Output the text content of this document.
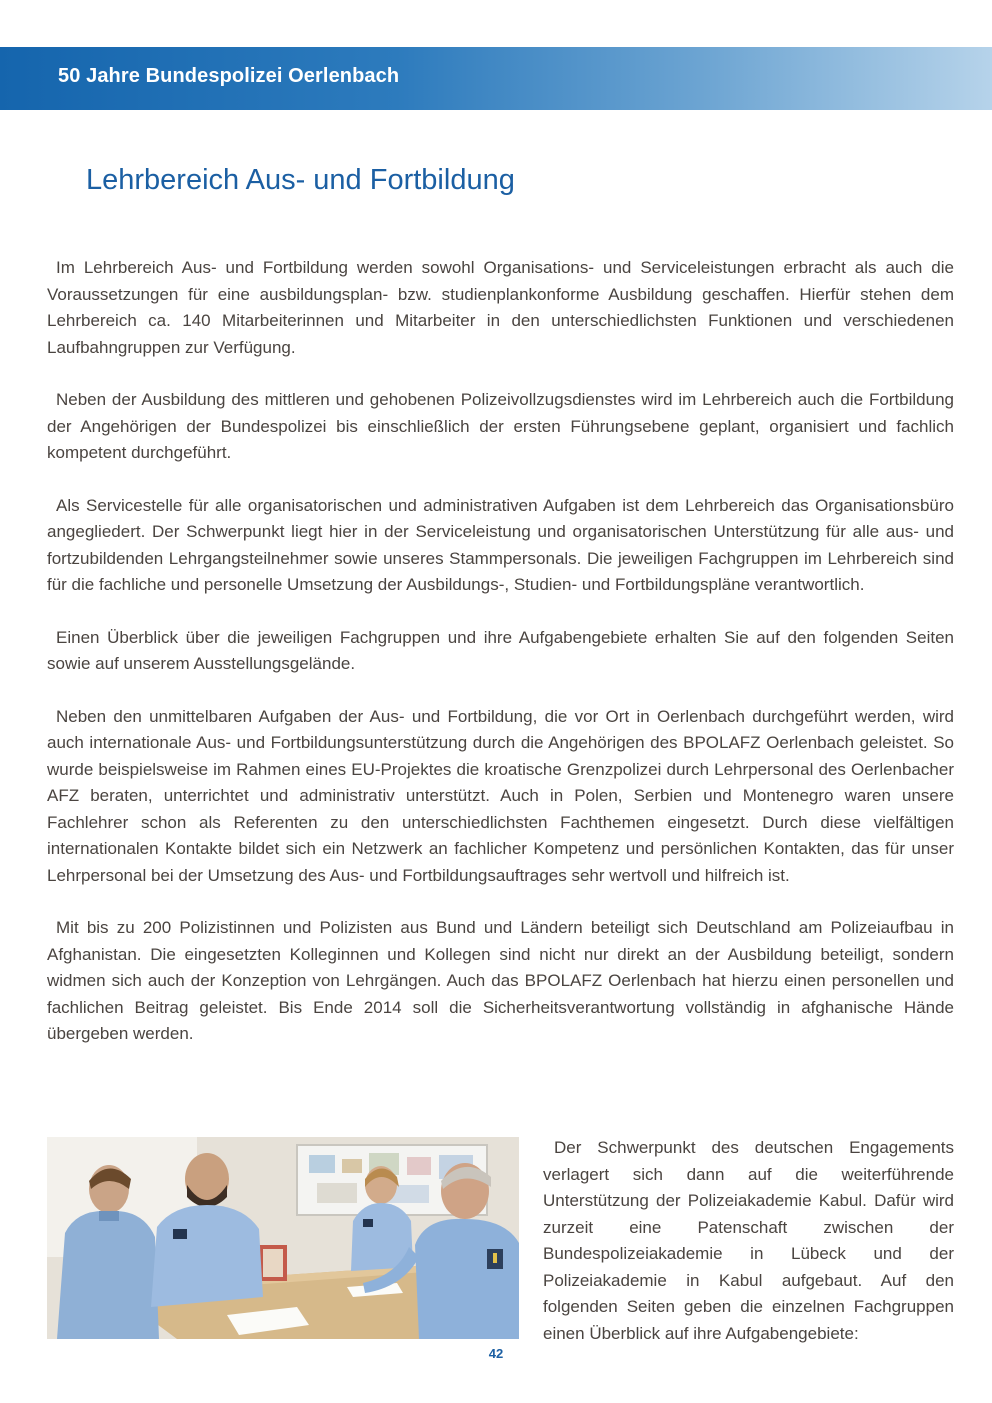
50 Jahre Bundespolizei Oerlenbach
Lehrbereich Aus- und Fortbildung

Im Lehrbereich Aus- und Fortbildung werden sowohl Organisations- und Serviceleistungen erbracht als auch die Voraussetzungen für eine ausbildungsplan- bzw. studienplankonforme Ausbildung geschaffen. Hierfür stehen dem Lehrbereich ca. 140 Mitarbeiterinnen und Mitarbeiter in den unterschiedlichsten Funktionen und verschiedenen Laufbahngruppen zur Verfügung.

Neben der Ausbildung des mittleren und gehobenen Polizeivollzugsdienstes wird im Lehrbereich auch die Fortbildung der Angehörigen der Bundespolizei bis einschließlich der ersten Führungsebene geplant, organisiert und fachlich kompetent durchgeführt.

Als Servicestelle für alle organisatorischen und administrativen Aufgaben ist dem Lehrbereich das Organisationsbüro angegliedert. Der Schwerpunkt liegt hier in der Serviceleistung und organisatorischen Unterstützung für alle aus- und fortzubildenden Lehrgangsteilnehmer sowie unseres Stammpersonals. Die jeweiligen Fachgruppen im Lehrbereich sind für die fachliche und personelle Umsetzung der Ausbildungs-, Studien- und Fortbildungspläne verantwortlich.

Einen Überblick über die jeweiligen Fachgruppen und ihre Aufgabengebiete erhalten Sie auf den folgenden Seiten sowie auf unserem Ausstellungsgelände.

Neben den unmittelbaren Aufgaben der Aus- und Fortbildung, die vor Ort in Oerlenbach durchgeführt werden, wird auch internationale Aus- und Fortbildungsunterstützung durch die Angehörigen des BPOLAFZ Oerlenbach geleistet. So wurde beispielsweise im Rahmen eines EU-Projektes die kroatische Grenzpolizei durch Lehrpersonal des Oerlenbacher AFZ beraten, unterrichtet und administrativ unterstützt. Auch in Polen, Serbien und Montenegro waren unsere Fachlehrer schon als Referenten zu den unterschiedlichsten Fachthemen eingesetzt. Durch diese vielfältigen internationalen Kontakte bildet sich ein Netzwerk an fachlicher Kompetenz und persönlichen Kontakten, das für unser Lehrpersonal bei der Umsetzung des Aus- und Fortbildungsauftrages sehr wertvoll und hilfreich ist.

Mit bis zu 200 Polizistinnen und Polizisten aus Bund und Ländern beteiligt sich Deutschland am Polizeiaufbau in Afghanistan. Die eingesetzten Kolleginnen und Kollegen sind nicht nur direkt an der Ausbildung beteiligt, sondern widmen sich auch der Konzeption von Lehrgängen. Auch das BPOLAFZ Oerlenbach hat hierzu einen personellen und fachlichen Beitrag geleistet. Bis Ende 2014 soll die Sicherheitsverantwortung vollständig in afghanische Hände übergeben werden.

Der Schwerpunkt des deutschen Engagements verlagert sich dann auf die weiterführende Unterstützung der Polizeiakademie Kabul. Dafür wird zurzeit eine Patenschaft zwischen der Bundespolizeiakademie in Lübeck und der Polizeiakademie in Kabul aufgebaut. Auf den folgenden Seiten geben die einzelnen Fachgruppen einen Überblick auf ihre Aufgabengebiete:

42
